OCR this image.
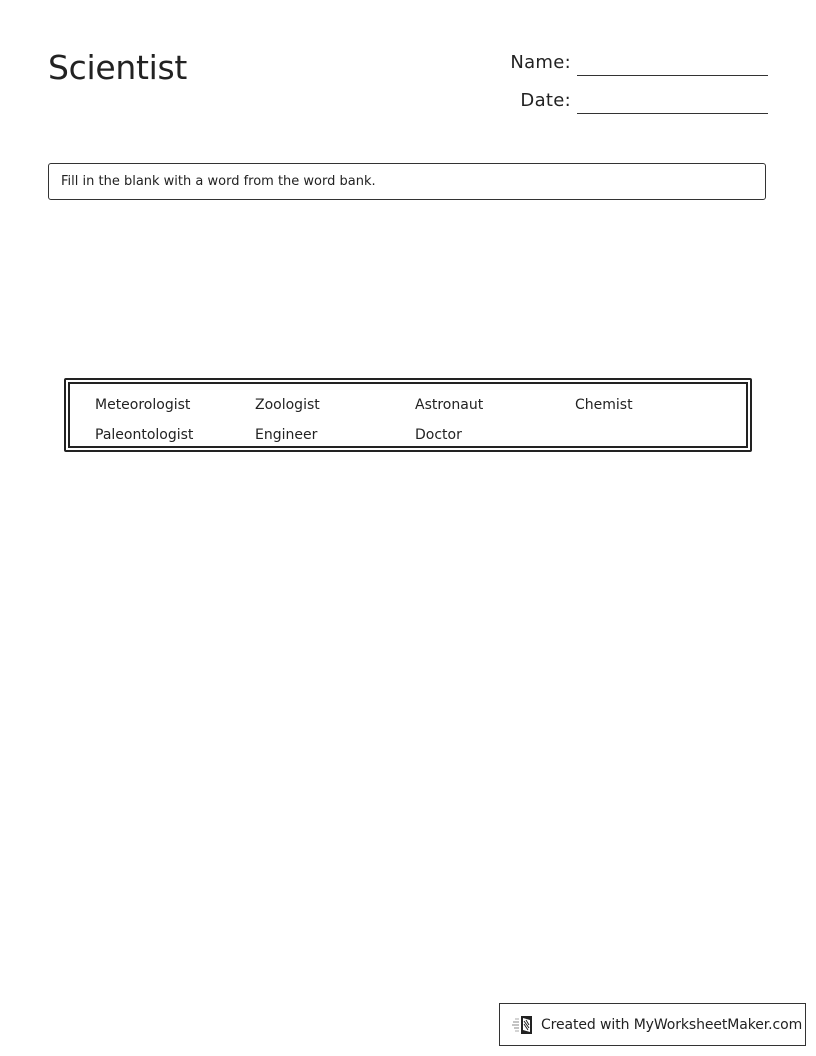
Scientist	Name:
Date:
Fill in the blank with a word from the word bank.
Meteorologist	Zoologist	Astronaut	Chemist
Paleontologist	Engineer	Doctor
Created with MyWorksheetMaker.com
